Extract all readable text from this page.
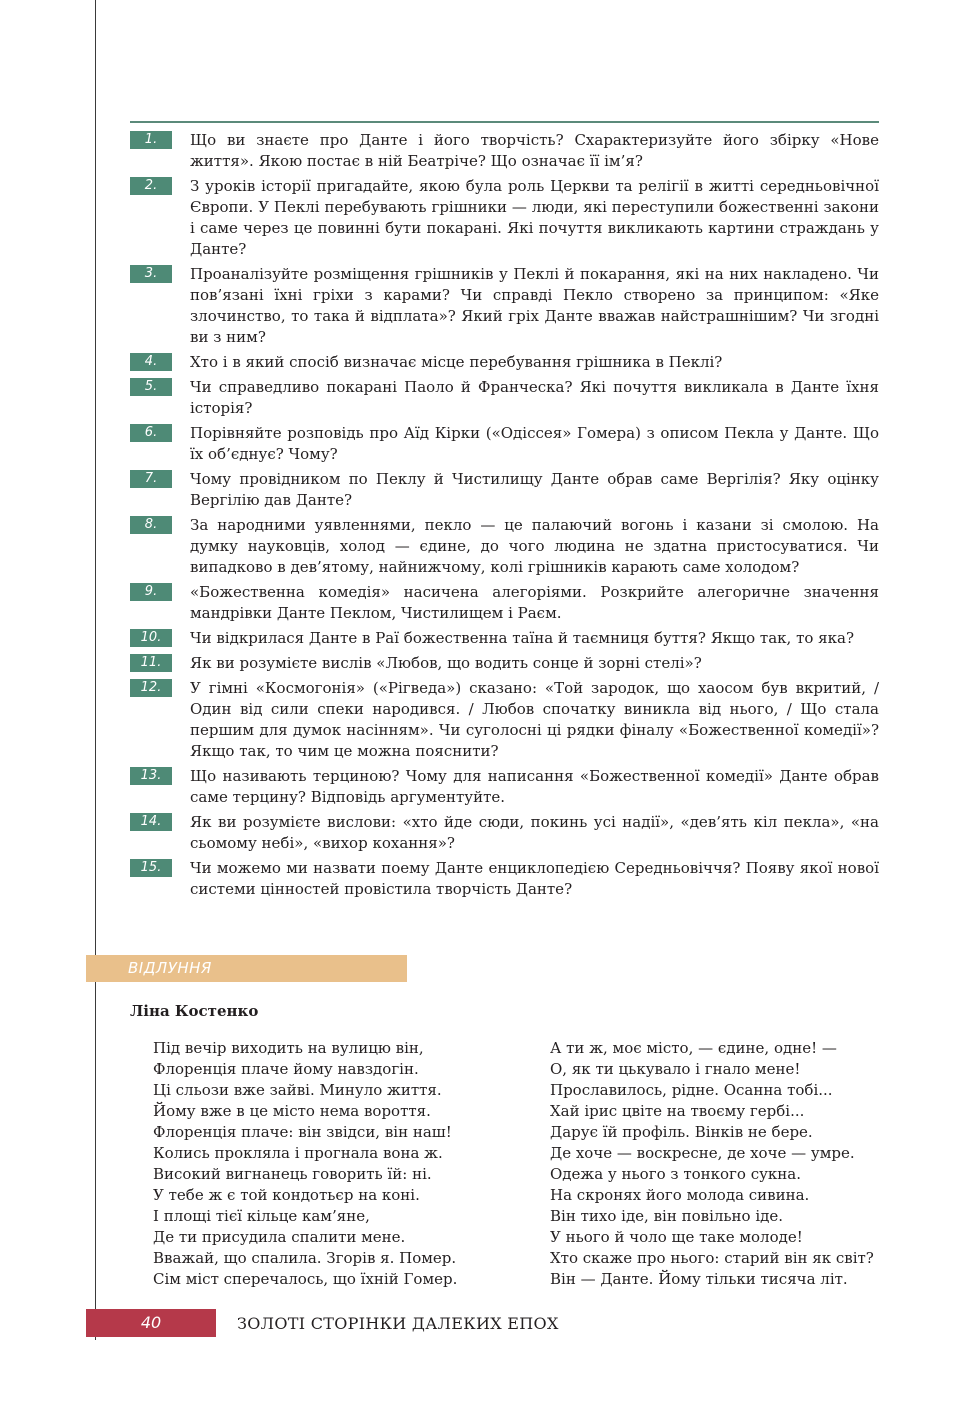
1.	Що ви знаєте про Данте і його творчість? Схарактеризуйте його збірку «Нове життя». Якою постає в ній Беатріче? Що означає її ім’я?
2.	З уроків історії пригадайте, якою була роль Церкви та релігії в житті середньовічної Європи. У Пеклі перебувають грішники — люди, які переступили божественні закони і саме через це повинні бути покарані. Які почуття викликають картини страждань у Данте?
3.	Проаналізуйте розміщення грішників у Пеклі й покарання, які на них накладено. Чи пов’язані їхні гріхи з карами? Чи справді Пекло створено за принципом: «Яке злочинство, то така й відплата»? Який гріх Данте вважав найстрашнішим? Чи згодні ви з ним?
4.	Хто і в який спосіб визначає місце перебування грішника в Пеклі?
5.	Чи справедливо покарані Паоло й Франческа? Які почуття викликала в Данте їхня історія?
6.	Порівняйте розповідь про Аїд Кірки («Одіссея» Гомера) з описом Пекла у Данте. Що їх об’єднує? Чому?
7.	Чому провідником по Пеклу й Чистилищу Данте обрав саме Вергілія? Яку оцінку Вергілію дав Данте?
8.	За народними уявленнями, пекло — це палаючий вогонь і казани зі смолою. На думку науковців, холод — єдине, до чого людина не здатна пристосуватися. Чи випадково в дев’ятому, найнижчому, колі грішників карають саме холодом?
9.	«Божественна комедія» насичена алегоріями. Розкрийте алегоричне значення мандрівки Данте Пеклом, Чистилищем і Раєм.
10.	Чи відкрилася Данте в Раї божественна таїна й таємниця буття? Якщо так, то яка?
11.	Як ви розумієте вислів «Любов, що водить сонце й зорні стелі»?
12.	У гімні «Космогонія» («Рігведа») сказано: «Той зародок, що хаосом був вкритий, / Один від сили спеки народився. / Любов спочатку виникла від нього, / Що стала першим для думок насінням». Чи суголосні ці рядки фіналу «Божественної комедії»? Якщо так, то чим це можна пояснити?
13.	Що називають терциною? Чому для написання «Божественної комедії» Данте обрав саме терцину? Відповідь аргументуйте.
14.	Як ви розумієте вислови: «хто йде сюди, покинь усі надії», «дев’ять кіл пекла», «на сьомому небі», «вихор кохання»?
15.	Чи можемо ми назвати поему Данте енциклопедією Середньовіччя? Появу якої нової системи цінностей провістила творчість Данте?
ВІДЛУННЯ
Ліна Костенко
Під вечір виходить на вулицю він,
Флоренція плаче йому навздогін.
Ці сльози вже зайві. Минуло життя.
Йому вже в це місто нема вороття.
Флоренція плаче: він звідси, він наш!
Колись прокляла і прогнала вона ж.
Високий вигнанець говорить їй: ні.
У тебе ж є той кондотьєр на коні.
І площі тієї кільце кам’яне,
Де ти присудила спалити мене.
Вважай, що спалила. Згорів я. Помер.
Сім міст сперечалось, що їхній Гомер.
А ти ж, моє місто, — єдине, одне! —
О, як ти цькувало і гнало мене!
Прославилось, рідне. Осанна тобі...
Хай ірис цвіте на твоєму гербі...
Дарує їй профіль. Вінків не бере.
Де хоче — воскресне, де хоче — умре.
Одежа у нього з тонкого сукна.
На скронях його молода сивина.
Він тихо іде, він повільно іде.
У нього й чоло ще таке молоде!
Хто скаже про нього: старий він як світ?
Він — Данте. Йому тільки тисяча літ.
40	ЗОЛОТІ СТОРІНКИ ДАЛЕКИХ ЕПОХ
